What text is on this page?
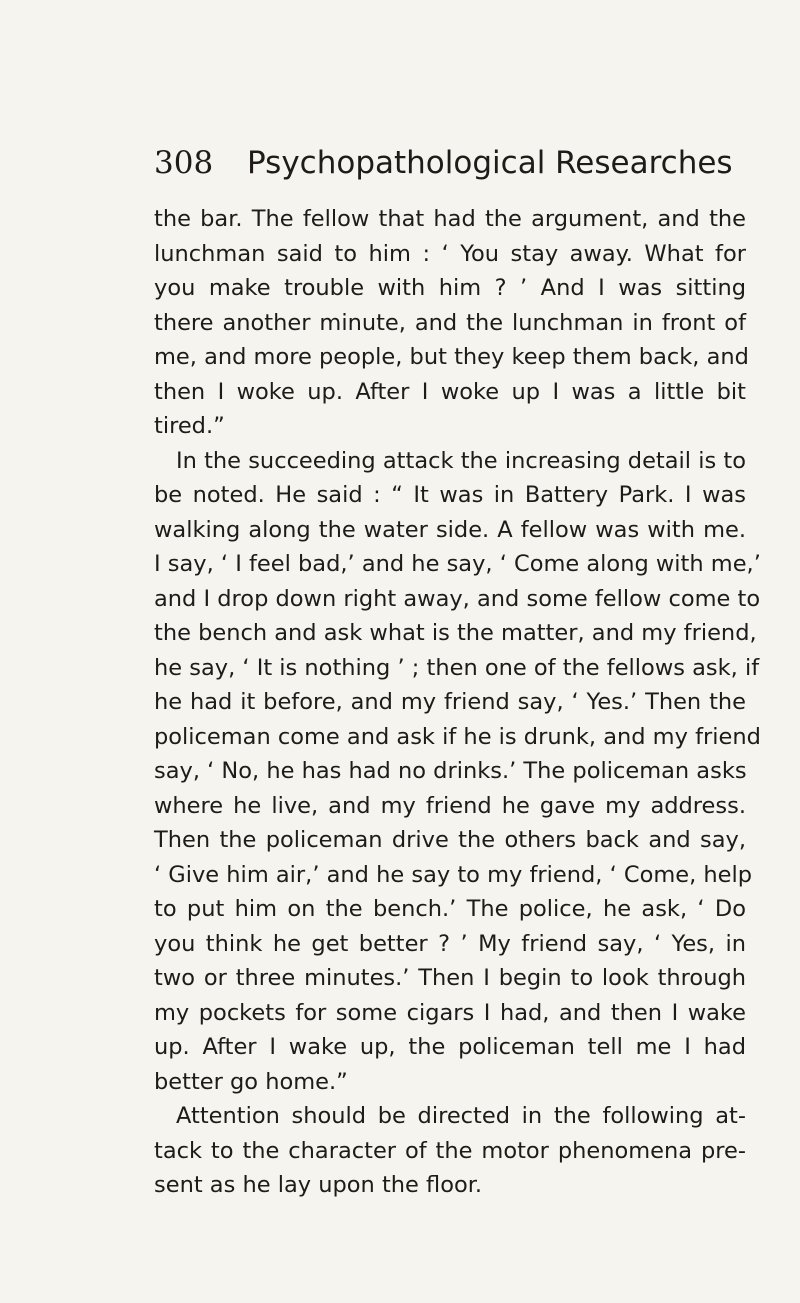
308 Psychopathological Researches
the bar. The fellow that had the argument, and the
lunchman said to him : ‘ You stay away. What for
you make trouble with him ? ’ And I was sitting
there another minute, and the lunchman in front of
me, and more people, but they keep them back, and
then I woke up. After I woke up I was a little bit
tired.”
In the succeeding attack the increasing detail is to
be noted. He said : “ It was in Battery Park. I was
walking along the water side. A fellow was with me.
I say, ‘ I feel bad,’ and he say, ‘ Come along with me,’
and I drop down right away, and some fellow come to
the bench and ask what is the matter, and my friend,
he say, ‘ It is nothing ’ ; then one of the fellows ask, if
he had it before, and my friend say, ‘ Yes.’ Then the
policeman come and ask if he is drunk, and my friend
say, ‘ No, he has had no drinks.’ The policeman asks
where he live, and my friend he gave my address.
Then the policeman drive the others back and say,
‘ Give him air,’ and he say to my friend, ‘ Come, help
to put him on the bench.’ The police, he ask, ‘ Do
you think he get better ? ’ My friend say, ‘ Yes, in
two or three minutes.’ Then I begin to look through
my pockets for some cigars I had, and then I wake
up. After I wake up, the policeman tell me I had
better go home.”
Attention should be directed in the following at-
tack to the character of the motor phenomena pre-
sent as he lay upon the floor.
